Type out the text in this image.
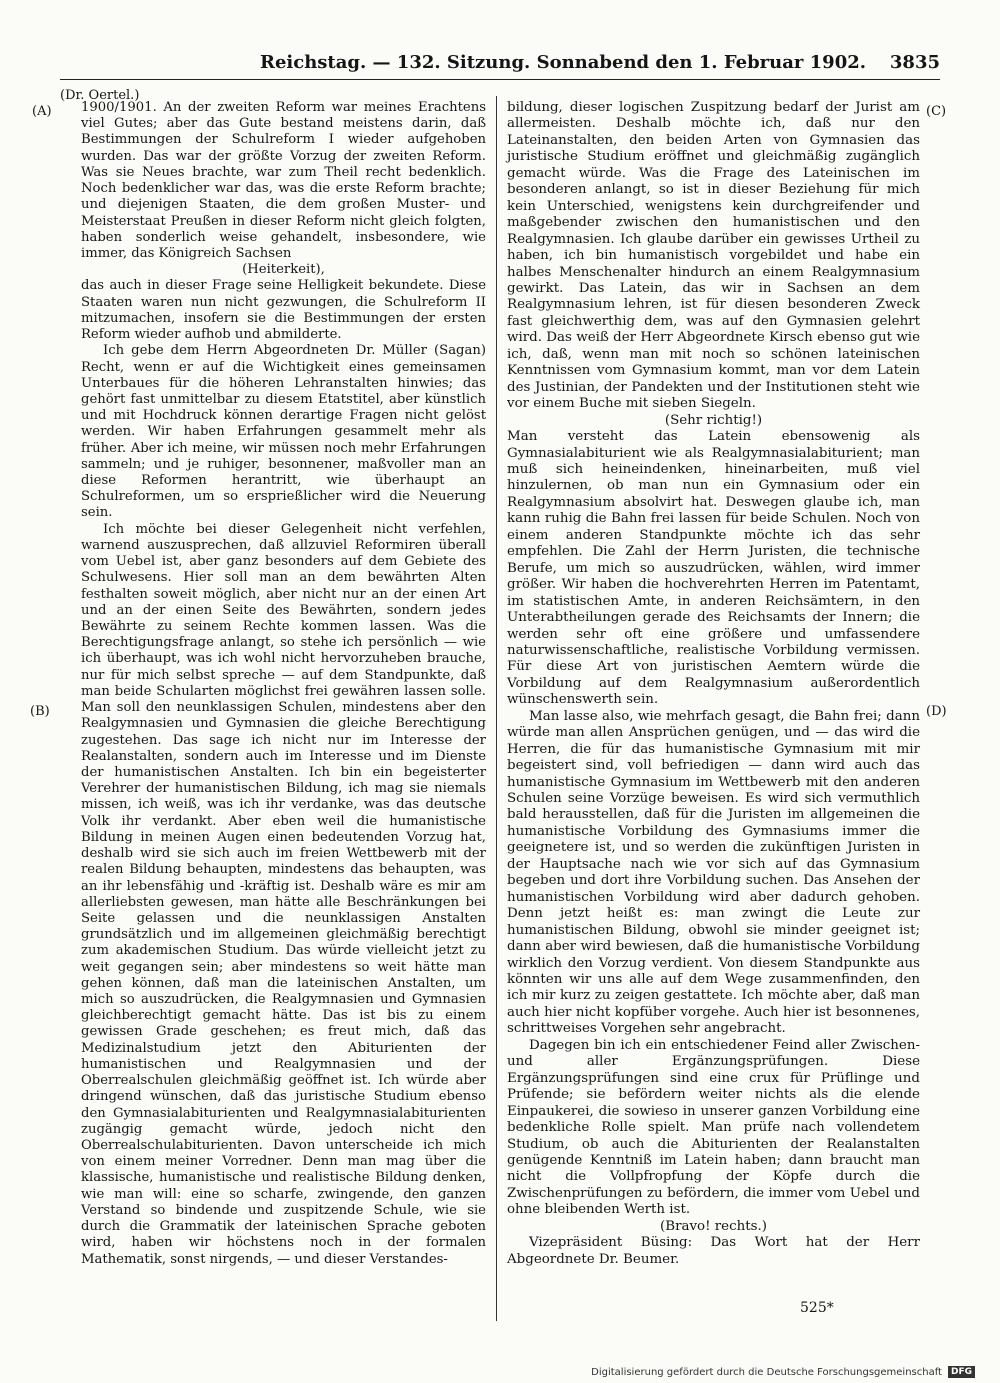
Reichstag. — 132. Sitzung. Sonnabend den 1. Februar 1902. 3835
(Dr. Oertel.)
(A)
(B)
(C)
(D)

1900/1901. An der zweiten Reform war meines Erachtens viel Gutes; aber das Gute bestand meistens darin, daß Bestimmungen der Schulreform I wieder aufgehoben wurden. Das war der größte Vorzug der zweiten Reform. Was sie Neues brachte, war zum Theil recht bedenklich. Noch bedenklicher war das, was die erste Reform brachte; und diejenigen Staaten, die dem großen Muster- und Meisterstaat Preußen in dieser Reform nicht gleich folgten, haben sonderlich weise gehandelt, insbesondere, wie immer, das Königreich Sachsen

(Heiterkeit),

das auch in dieser Frage seine Helligkeit bekundete. Diese Staaten waren nun nicht gezwungen, die Schulreform II mitzumachen, insofern sie die Bestimmungen der ersten Reform wieder aufhob und abmilderte.

Ich gebe dem Herrn Abgeordneten Dr. Müller (Sagan) Recht, wenn er auf die Wichtigkeit eines gemeinsamen Unterbaues für die höheren Lehranstalten hinwies; das gehört fast unmittelbar zu diesem Etatstitel, aber künstlich und mit Hochdruck können derartige Fragen nicht gelöst werden. Wir haben Erfahrungen gesammelt mehr als früher. Aber ich meine, wir müssen noch mehr Erfahrungen sammeln; und je ruhiger, besonnener, maßvoller man an diese Reformen herantritt, wie überhaupt an Schulreformen, um so ersprießlicher wird die Neuerung sein.

Ich möchte bei dieser Gelegenheit nicht verfehlen, warnend auszusprechen, daß allzuviel Reformiren überall vom Uebel ist, aber ganz besonders auf dem Gebiete des Schulwesens. Hier soll man an dem bewährten Alten festhalten soweit möglich, aber nicht nur an der einen Art und an der einen Seite des Bewährten, sondern jedes Bewährte zu seinem Rechte kommen lassen. Was die Berechtigungsfrage anlangt, so stehe ich persönlich — wie ich überhaupt, was ich wohl nicht hervorzuheben brauche, nur für mich selbst spreche — auf dem Standpunkte, daß man beide Schularten möglichst frei gewähren lassen solle. Man soll den neunklassigen Schulen, mindestens aber den Realgymnasien und Gymnasien die gleiche Berechtigung zugestehen. Das sage ich nicht nur im Interesse der Realanstalten, sondern auch im Interesse und im Dienste der humanistischen Anstalten. Ich bin ein begeisterter Verehrer der humanistischen Bildung, ich mag sie niemals missen, ich weiß, was ich ihr verdanke, was das deutsche Volk ihr verdankt. Aber eben weil die humanistische Bildung in meinen Augen einen bedeutenden Vorzug hat, deshalb wird sie sich auch im freien Wettbewerb mit der realen Bildung behaupten, mindestens das behaupten, was an ihr lebensfähig und -kräftig ist. Deshalb wäre es mir am allerliebsten gewesen, man hätte alle Beschränkungen bei Seite gelassen und die neunklassigen Anstalten grundsätzlich und im allgemeinen gleichmäßig berechtigt zum akademischen Studium. Das würde vielleicht jetzt zu weit gegangen sein; aber mindestens so weit hätte man gehen können, daß man die lateinischen Anstalten, um mich so auszudrücken, die Realgymnasien und Gymnasien gleichberechtigt gemacht hätte. Das ist bis zu einem gewissen Grade geschehen; es freut mich, daß das Medizinalstudium jetzt den Abiturienten der humanistischen und Realgymnasien und der Oberrealschulen gleichmäßig geöffnet ist. Ich würde aber dringend wünschen, daß das juristische Studium ebenso den Gymnasialabiturienten und Realgymnasialabiturienten zugängig gemacht würde, jedoch nicht den Oberrealschulabiturienten. Davon unterscheide ich mich von einem meiner Vorredner. Denn man mag über die klassische, humanistische und realistische Bildung denken, wie man will: eine so scharfe, zwingende, den ganzen Verstand so bindende und zuspitzende Schule, wie sie durch die Grammatik der lateinischen Sprache geboten wird, haben wir höchstens noch in der formalen Mathematik, sonst nirgends, — und dieser Verstandes-

bildung, dieser logischen Zuspitzung bedarf der Jurist am allermeisten. Deshalb möchte ich, daß nur den Lateinanstalten, den beiden Arten von Gymnasien das juristische Studium eröffnet und gleichmäßig zugänglich gemacht würde. Was die Frage des Lateinischen im besonderen anlangt, so ist in dieser Beziehung für mich kein Unterschied, wenigstens kein durchgreifender und maßgebender zwischen den humanistischen und den Realgymnasien. Ich glaube darüber ein gewisses Urtheil zu haben, ich bin humanistisch vorgebildet und habe ein halbes Menschenalter hindurch an einem Realgymnasium gewirkt. Das Latein, das wir in Sachsen an dem Realgymnasium lehren, ist für diesen besonderen Zweck fast gleichwerthig dem, was auf den Gymnasien gelehrt wird. Das weiß der Herr Abgeordnete Kirsch ebenso gut wie ich, daß, wenn man mit noch so schönen lateinischen Kenntnissen vom Gymnasium kommt, man vor dem Latein des Justinian, der Pandekten und der Institutionen steht wie vor einem Buche mit sieben Siegeln.

(Sehr richtig!)

Man versteht das Latein ebensowenig als Gymnasialabiturient wie als Realgymnasialabiturient; man muß sich heineindenken, hineinarbeiten, muß viel hinzulernen, ob man nun ein Gymnasium oder ein Realgymnasium absolvirt hat. Deswegen glaube ich, man kann ruhig die Bahn frei lassen für beide Schulen. Noch von einem anderen Standpunkte möchte ich das sehr empfehlen. Die Zahl der Herrn Juristen, die technische Berufe, um mich so auszudrücken, wählen, wird immer größer. Wir haben die hochverehrten Herren im Patentamt, im statistischen Amte, in anderen Reichsämtern, in den Unterabtheilungen gerade des Reichsamts der Innern; die werden sehr oft eine größere und umfassendere naturwissenschaftliche, realistische Vorbildung vermissen. Für diese Art von juristischen Aemtern würde die Vorbildung auf dem Realgymnasium außerordentlich wünschenswerth sein.

Man lasse also, wie mehrfach gesagt, die Bahn frei; dann würde man allen Ansprüchen genügen, und — das wird die Herren, die für das humanistische Gymnasium mit mir begeistert sind, voll befriedigen — dann wird auch das humanistische Gymnasium im Wettbewerb mit den anderen Schulen seine Vorzüge beweisen. Es wird sich vermuthlich bald herausstellen, daß für die Juristen im allgemeinen die humanistische Vorbildung des Gymnasiums immer die geeignetere ist, und so werden die zukünftigen Juristen in der Hauptsache nach wie vor sich auf das Gymnasium begeben und dort ihre Vorbildung suchen. Das Ansehen der humanistischen Vorbildung wird aber dadurch gehoben. Denn jetzt heißt es: man zwingt die Leute zur humanistischen Bildung, obwohl sie minder geeignet ist; dann aber wird bewiesen, daß die humanistische Vorbildung wirklich den Vorzug verdient. Von diesem Standpunkte aus könnten wir uns alle auf dem Wege zusammenfinden, den ich mir kurz zu zeigen gestattete. Ich möchte aber, daß man auch hier nicht kopfüber vorgehe. Auch hier ist besonnenes, schrittweises Vorgehen sehr angebracht.

Dagegen bin ich ein entschiedener Feind aller Zwischen- und aller Ergänzungsprüfungen. Diese Ergänzungsprüfungen sind eine crux für Prüflinge und Prüfende; sie befördern weiter nichts als die elende Einpaukerei, die sowieso in unserer ganzen Vorbildung eine bedenkliche Rolle spielt. Man prüfe nach vollendetem Studium, ob auch die Abiturienten der Realanstalten genügende Kenntniß im Latein haben; dann braucht man nicht die Vollpfropfung der Köpfe durch die Zwischenprüfungen zu befördern, die immer vom Uebel und ohne bleibenden Werth ist.

(Bravo! rechts.)

Vizepräsident Büsing: Das Wort hat der Herr Abgeordnete Dr. Beumer.

525*
Digitalisierung gefördert durch die Deutsche Forschungsgemeinschaft	DFG
